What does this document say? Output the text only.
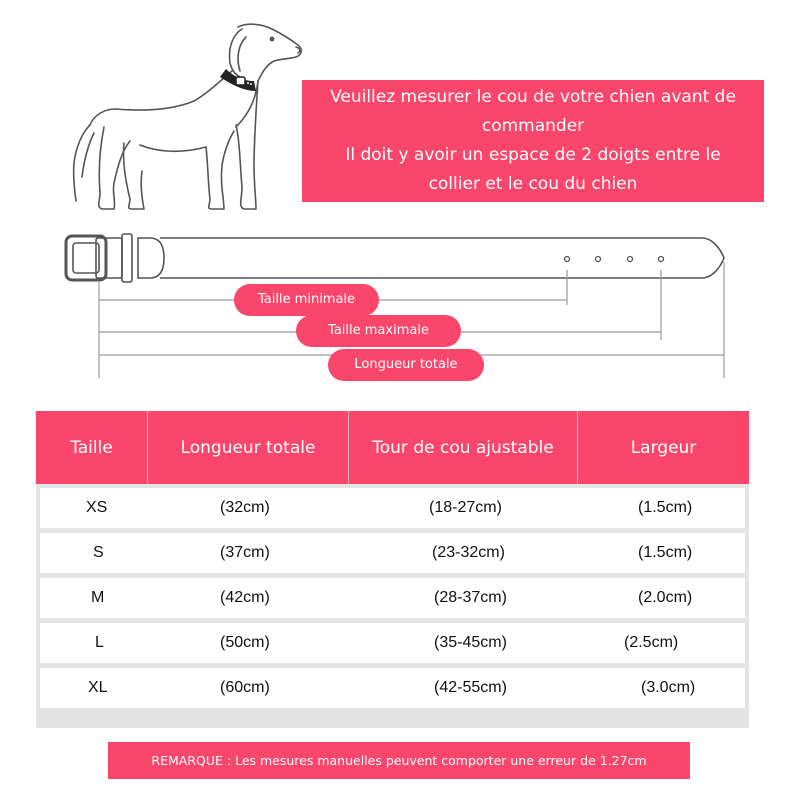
Veuillez mesurer le cou de votre chien avant de
commander
Il doit y avoir un espace de 2 doigts entre le
collier et le cou du chien
Taille minimale
Taille maximale
Longueur totale
Taille	Longueur totale	Tour de cou ajustable	Largeur
XS	(32cm)	(18-27cm)	(1.5cm)
S	(37cm)	(23-32cm)	(1.5cm)
M	(42cm)	(28-37cm)	(2.0cm)
L	(50cm)	(35-45cm)	(2.5cm)
XL	(60cm)	(42-55cm)	(3.0cm)
REMARQUE : Les mesures manuelles peuvent comporter une erreur de 1.27cm
